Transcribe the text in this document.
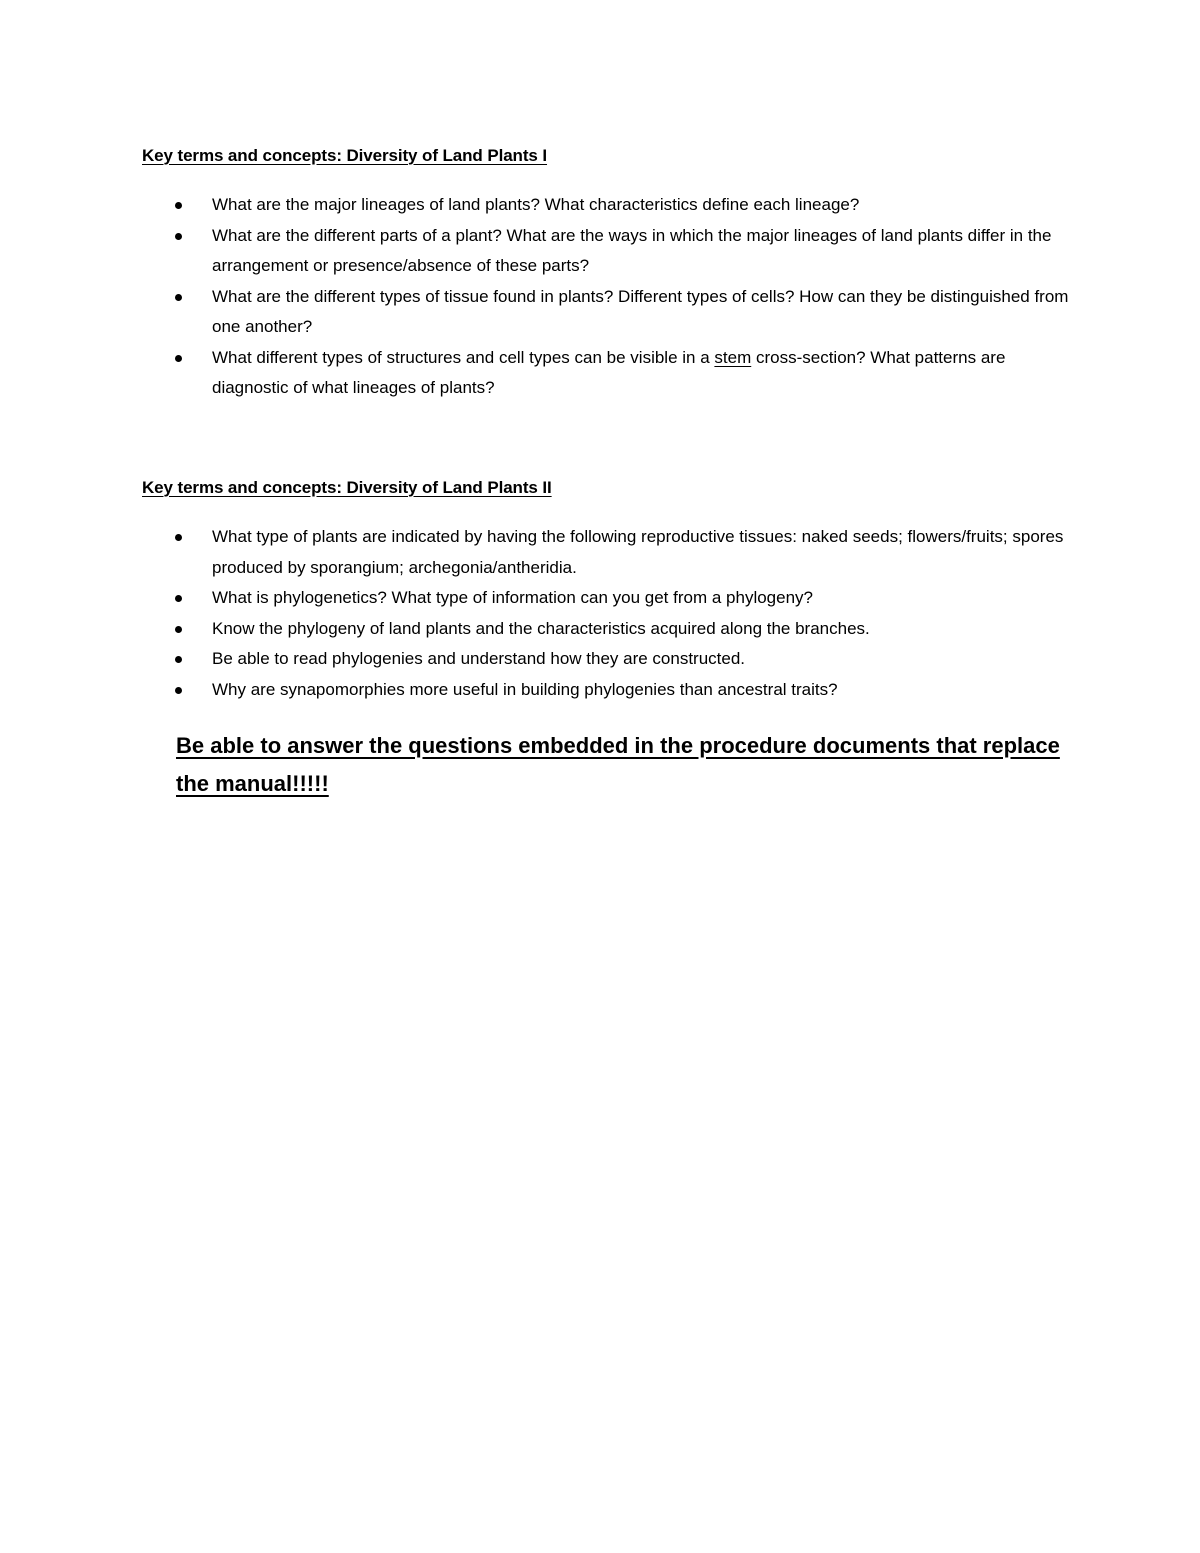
Key terms and concepts: Diversity of Land Plants I
What are the major lineages of land plants? What characteristics define each lineage?
What are the different parts of a plant? What are the ways in which the major lineages of land plants differ in the arrangement or presence/absence of these parts?
What are the different types of tissue found in plants? Different types of cells? How can they be distinguished from one another?
What different types of structures and cell types can be visible in a stem cross-section? What patterns are diagnostic of what lineages of plants?
Key terms and concepts: Diversity of Land Plants II
What type of plants are indicated by having the following reproductive tissues: naked seeds; flowers/fruits; spores produced by sporangium; archegonia/antheridia.
What is phylogenetics? What type of information can you get from a phylogeny?
Know the phylogeny of land plants and the characteristics acquired along the branches.
Be able to read phylogenies and understand how they are constructed.
Why are synapomorphies more useful in building phylogenies than ancestral traits?

Be able to answer the questions embedded in the procedure documents that replace the manual!!!!!
